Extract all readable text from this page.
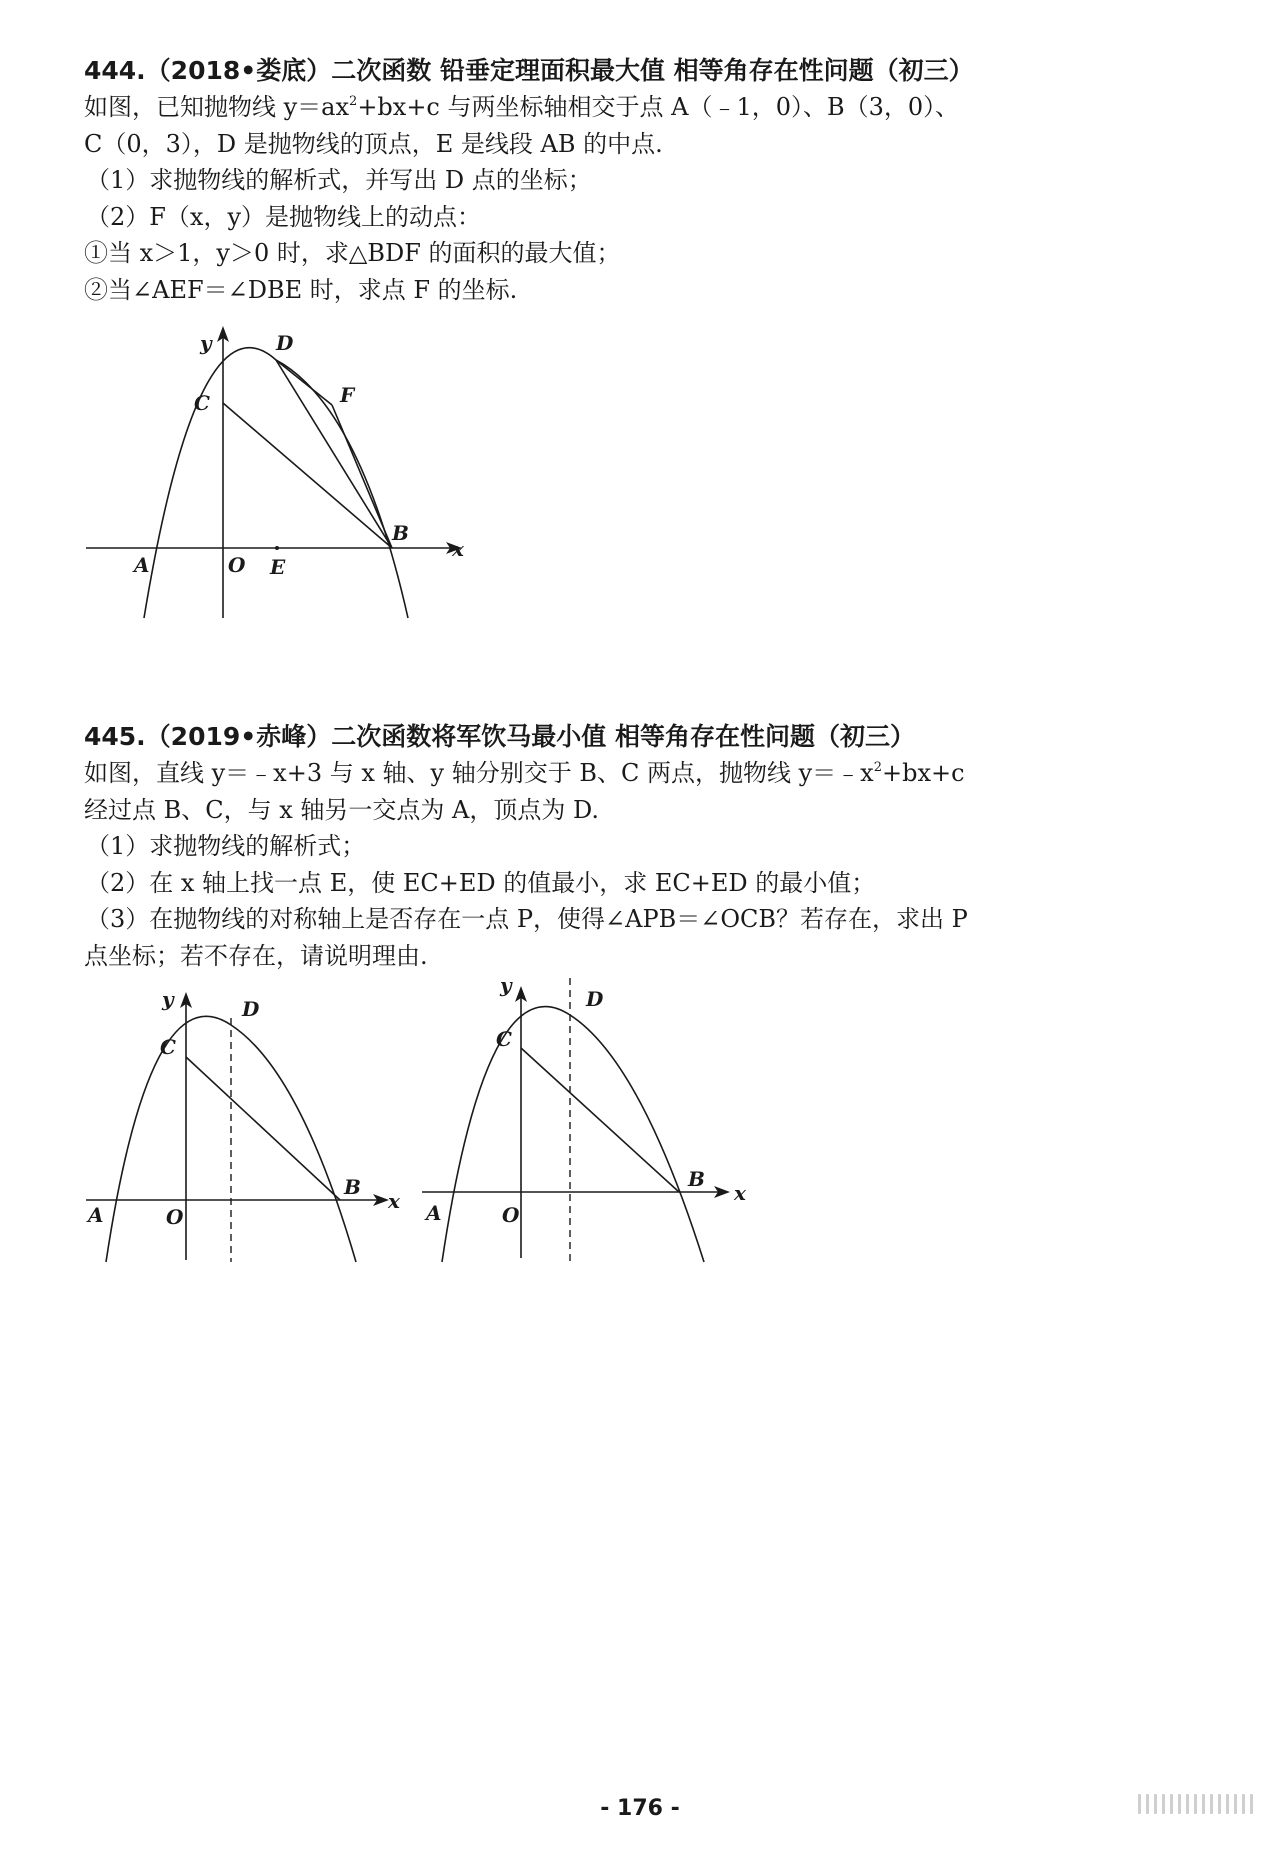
444.（2018•娄底）二次函数 铅垂定理面积最大值 相等角存在性问题（初三）

如图，已知抛物线 $y=ax^2+bx+c$ 与两坐标轴相交于点 A（﹣1，0）、B（3，0）、

C（0，3），D 是抛物线的顶点，E 是线段 AB 的中点.

（1）求抛物线的解析式，并写出 D 点的坐标；

（2）F（x，y）是抛物线上的动点：

①当 x＞1，y＞0 时，求△BDF 的面积的最大值；

②当∠AEF＝∠DBE 时，求点 F 的坐标.

y
x
D
C	F
B
A	O E

445.（2019•赤峰）二次函数将军饮马最小值 相等角存在性问题（初三）

如图，直线 y＝﹣x+3 与 x 轴、y 轴分别交于 B、C 两点，抛物线 $y=﹣x^2+bx+c$

经过点 B、C，与 x 轴另一交点为 A，顶点为 D.

（1）求抛物线的解析式；

（2）在 x 轴上找一点 E，使 EC+ED 的值最小，求 EC+ED 的最小值；

（3）在抛物线的对称轴上是否存在一点 P，使得∠APB＝∠OCB？若存在，求出 P

点坐标；若不存在，请说明理由.

y
x
D
C
B
A	O
y
x
D
C
B
A	O
- 176 -
